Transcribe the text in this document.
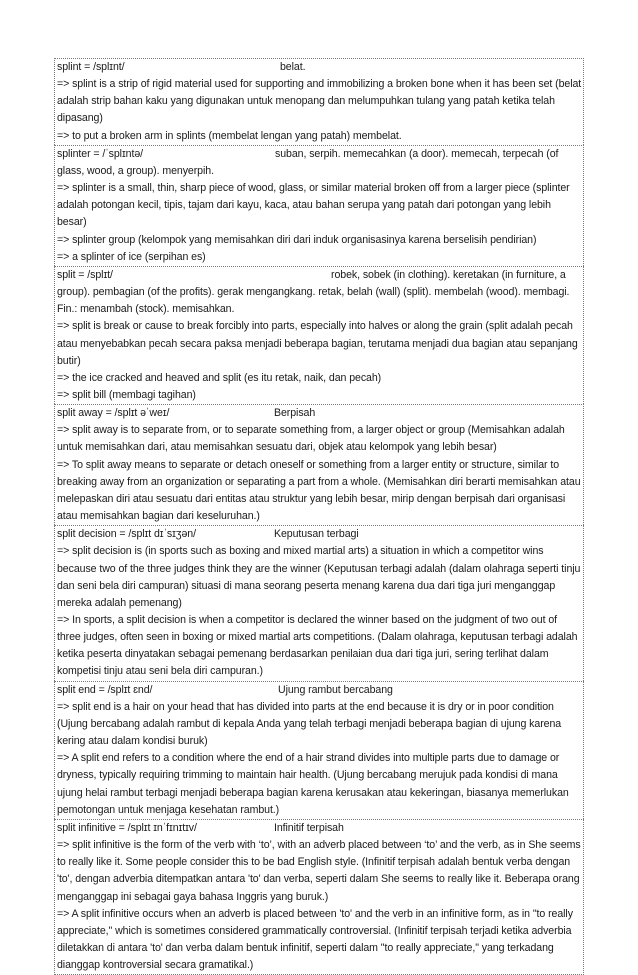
splint = /splɪnt/	belat.
=> splint is a strip of rigid material used for supporting and immobilizing a broken bone when it has been set (belat adalah strip bahan kaku yang digunakan untuk menopang dan melumpuhkan tulang yang patah ketika telah dipasang)
=> to put a broken arm in splints (membelat lengan yang patah) membelat.
splinter = /ˈsplɪntə/	suban, serpih. memecahkan (a door). memecah, terpecah (of glass, wood, a group). menyerpih.
=> splinter is a small, thin, sharp piece of wood, glass, or similar material broken off from a larger piece (splinter adalah potongan kecil, tipis, tajam dari kayu, kaca, atau bahan serupa yang patah dari potongan yang lebih besar)
=> splinter group (kelompok yang memisahkan diri dari induk organisasinya karena berselisih pendirian)
=> a splinter of ice (serpihan es)
split = /splɪt/	robek, sobek (in clothing). keretakan (in furniture, a group). pembagian (of the profits). gerak mengangkang. retak, belah (wall) (split). membelah (wood). membagi. Fin.: menambah (stock). memisahkan.
=> split is break or cause to break forcibly into parts, especially into halves or along the grain (split adalah pecah atau menyebabkan pecah secara paksa menjadi beberapa bagian, terutama menjadi dua bagian atau sepanjang butir)
=> the ice cracked and heaved and split (es itu retak, naik, dan pecah)
=> split bill (membagi tagihan)
split away = /splɪt əˈweɪ/	Berpisah
=> split away is to separate from, or to separate something from, a larger object or group (Memisahkan adalah untuk memisahkan dari, atau memisahkan sesuatu dari, objek atau kelompok yang lebih besar)
=> To split away means to separate or detach oneself or something from a larger entity or structure, similar to breaking away from an organization or separating a part from a whole. (Memisahkan diri berarti memisahkan atau melepaskan diri atau sesuatu dari entitas atau struktur yang lebih besar, mirip dengan berpisah dari organisasi atau memisahkan bagian dari keseluruhan.)
split decision = /splɪt dɪˈsɪʒən/	Keputusan terbagi
=> split decision is (in sports such as boxing and mixed martial arts) a situation in which a competitor wins because two of the three judges think they are the winner (Keputusan terbagi adalah (dalam olahraga seperti tinju dan seni bela diri campuran) situasi di mana seorang peserta menang karena dua dari tiga juri menganggap mereka adalah pemenang)
=> In sports, a split decision is when a competitor is declared the winner based on the judgment of two out of three judges, often seen in boxing or mixed martial arts competitions. (Dalam olahraga, keputusan terbagi adalah ketika peserta dinyatakan sebagai pemenang berdasarkan penilaian dua dari tiga juri, sering terlihat dalam kompetisi tinju atau seni bela diri campuran.)
split end = /splɪt ɛnd/	Ujung rambut bercabang
=> split end is a hair on your head that has divided into parts at the end because it is dry or in poor condition (Ujung bercabang adalah rambut di kepala Anda yang telah terbagi menjadi beberapa bagian di ujung karena kering atau dalam kondisi buruk)
=> A split end refers to a condition where the end of a hair strand divides into multiple parts due to damage or dryness, typically requiring trimming to maintain hair health. (Ujung bercabang merujuk pada kondisi di mana ujung helai rambut terbagi menjadi beberapa bagian karena kerusakan atau kekeringan, biasanya memerlukan pemotongan untuk menjaga kesehatan rambut.)
split infinitive = /splɪt ɪnˈfɪnɪtɪv/	Infinitif terpisah
=> split infinitive is the form of the verb with ‘to’, with an adverb placed between ‘to’ and the verb, as in She seems to really like it. Some people consider this to be bad English style. (Infinitif terpisah adalah bentuk verba dengan 'to', dengan adverbia ditempatkan antara 'to' dan verba, seperti dalam She seems to really like it. Beberapa orang menganggap ini sebagai gaya bahasa Inggris yang buruk.)
=> A split infinitive occurs when an adverb is placed between 'to' and the verb in an infinitive form, as in "to really appreciate," which is sometimes considered grammatically controversial. (Infinitif terpisah terjadi ketika adverbia diletakkan di antara 'to' dan verba dalam bentuk infinitif, seperti dalam "to really appreciate," yang terkadang dianggap kontroversial secara gramatikal.)
